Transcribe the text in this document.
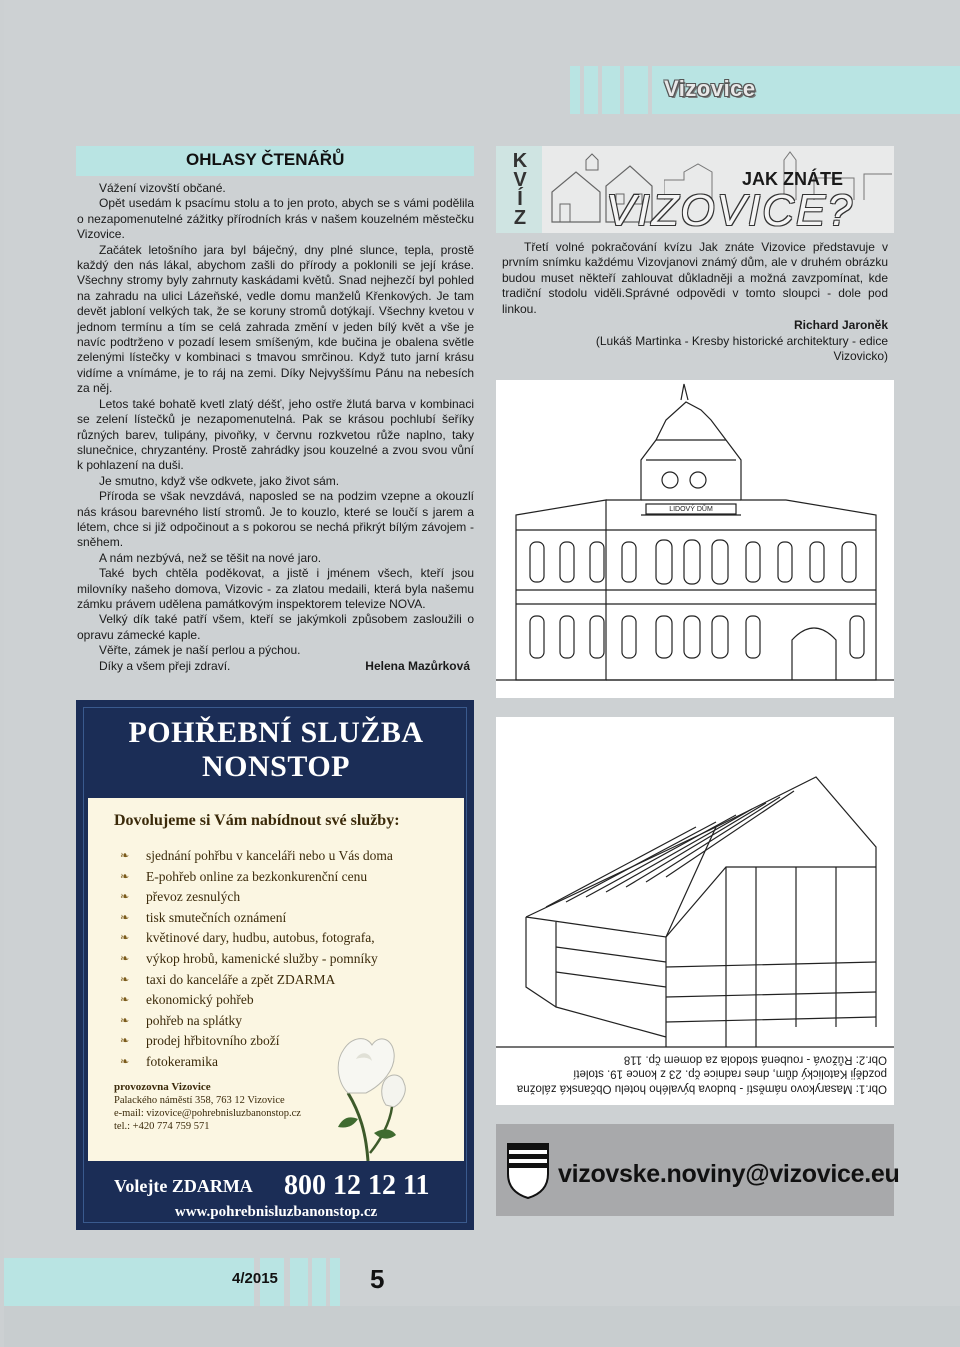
Vizovice
OHLASY ČTENÁŘŮ

Vážení vizovští občané.

Opět usedám k psacímu stolu a to jen proto, abych se s vámi podělila o nezapomenutelné zážitky přírodních krás v našem kouzelném městečku Vizovice.

Začátek letošního jara byl báječný, dny plné slunce, tepla, prostě každý den nás lákal, abychom zašli do přírody a poklonili se její kráse. Všechny stromy byly zahrnuty kaskádami květů. Snad nejhezčí byl pohled na zahradu na ulici Lázeňské, vedle domu manželů Křenkových. Je tam devět jabloní velkých tak, že se koruny stromů dotýkají. Všechny kvetou v jednom termínu a tím se celá zahrada změní v jeden bílý květ a vše je navíc podtrženo v pozadí lesem smíšeným, kde bučina je obalena světle zelenými lístečky v kombinaci s tmavou smrčinou. Když tuto jarní krásu vidíme a vnímáme, je to ráj na zemi. Díky Nejvyššímu Pánu na nebesích za něj.

Letos také bohatě kvetl zlatý déšť, jeho ostře žlutá barva v kombinaci se zelení lístečků je nezapomenutelná. Pak se krásou pochlubí šeříky různých barev, tulipány, pivoňky, v červnu rozkvetou růže naplno, taky slunečnice, chryzantény. Prostě zahrádky jsou kouzelné a zvou svou vůní k pohlazení na duši.

Je smutno, když vše odkvete, jako život sám.

Příroda se však nevzdává, naposled se na podzim vzepne a okouzlí nás krásou barevného listí stromů. Je to kouzlo, které se loučí s jarem a létem, chce si již odpočinout a s pokorou se nechá přikrýt bílým závojem - sněhem.

A nám nezbývá, než se těšit na nové jaro.

Také bych chtěla poděkovat, a jistě i jménem všech, kteří jsou milovníky našeho domova, Vizovic - za zlatou medaili, která byla našemu zámku právem udělena památkovým inspektorem televize NOVA.

Velký dík také patří všem, kteří se jakýmkoli způsobem zasloužili o opravu zámecké kaple.

Věřte, zámek je naší perlou a pýchou.

Díky a všem přeji zdraví.	Helena Mazůrková
POHŘEBNÍ SLUŽBA
NONSTOP
Dovolujeme si Vám nabídnout své služby:
❧ sjednání pohřbu v kanceláři nebo u Vás doma
❧ E-pohřeb online za bezkonkurenční cenu
❧ převoz zesnulých
❧ tisk smutečních oznámení
❧ květinové dary, hudbu, autobus, fotografa,
❧ výkop hrobů, kamenické služby - pomníky
❧ taxi do kanceláře a zpět ZDARMA
❧ ekonomický pohřeb
❧ pohřeb na splátky
❧ prodej hřbitovního zboží
❧ fotokeramika
provozovna Vizovice
Palackého náměstí 358, 763 12 Vizovice
e-mail: vizovice@pohrebnisluzbanonstop.cz
tel.: +420 774 759 571
Volejte ZDARMA 800 12 12 11
www.pohrebnisluzbanonstop.cz
K
V
Í
Z
JAK ZNÁTE
VIZOVICE?

Třetí volné pokračování kvízu Jak znáte Vizovice představuje v prvním snímku každému Vizovjanovi známý dům, ale v druhém obrázku budou muset někteří zahlouvat důkladněji a možná zavzpomínat, kde tradiční stodolu viděli.Správné odpovědi v tomto sloupci - dole pod linkou.

Richard Jaroněk
(Lukáš Martinka - Kresby historické architektury - edice
Vizovicko)
LIDOVÝ DŮM
Obr.1: Masarykovo náměstí - budova bývalého hotelu Občanská záložna později Katolický dům, dnes radnice čp. 23 z konce 19. století
Obr.2: Růžová - roubená stodola za domem čp. 118
vizovske.noviny@vizovice.eu
4/2015	5
